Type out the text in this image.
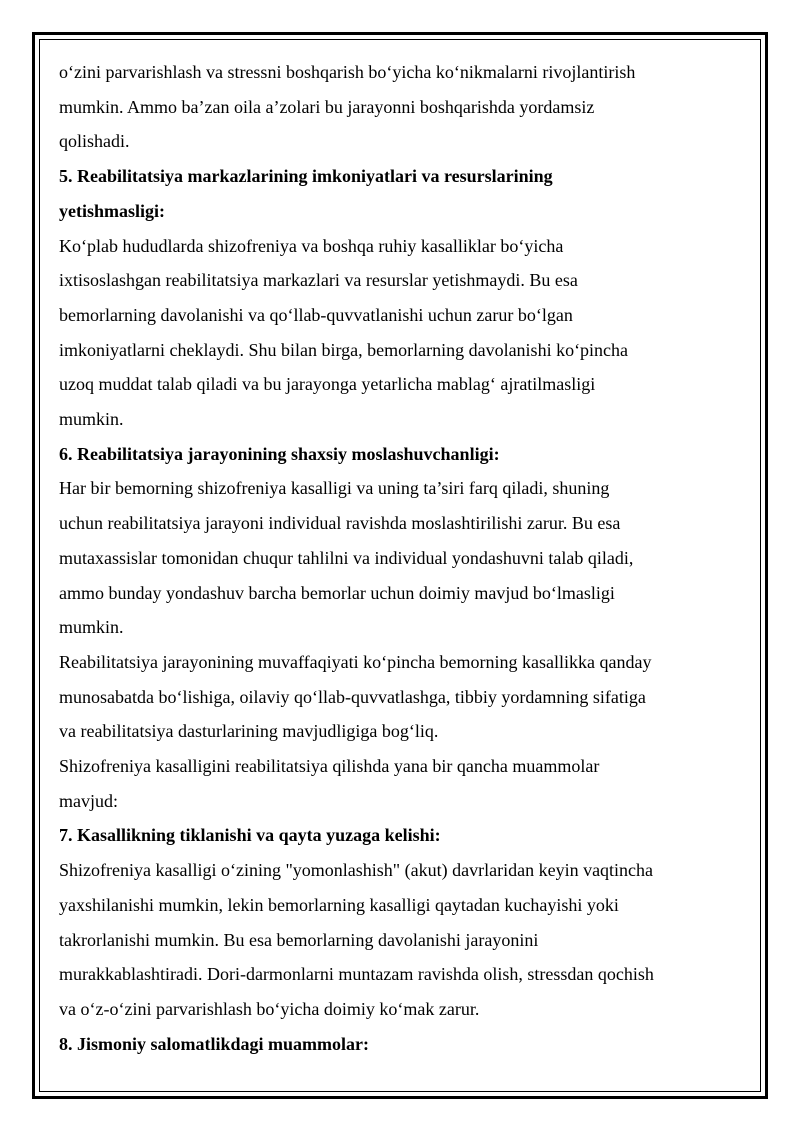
o‘zini parvarishlash va stressni boshqarish bo‘yicha ko‘nikmalarni rivojlantirish
mumkin. Ammo ba’zan oila a’zolari bu jarayonni boshqarishda yordamsiz
qolishadi.
5. Reabilitatsiya markazlarining imkoniyatlari va resurslarining
yetishmasligi:
Ko‘plab hududlarda shizofreniya va boshqa ruhiy kasalliklar bo‘yicha
ixtisoslashgan reabilitatsiya markazlari va resurslar yetishmaydi. Bu esa
bemorlarning davolanishi va qo‘llab-quvvatlanishi uchun zarur bo‘lgan
imkoniyatlarni cheklaydi. Shu bilan birga, bemorlarning davolanishi ko‘pincha
uzoq muddat talab qiladi va bu jarayonga yetarlicha mablag‘ ajratilmasligi
mumkin.
6. Reabilitatsiya jarayonining shaxsiy moslashuvchanligi:
Har bir bemorning shizofreniya kasalligi va uning ta’siri farq qiladi, shuning
uchun reabilitatsiya jarayoni individual ravishda moslashtirilishi zarur. Bu esa
mutaxassislar tomonidan chuqur tahlilni va individual yondashuvni talab qiladi,
ammo bunday yondashuv barcha bemorlar uchun doimiy mavjud bo‘lmasligi
mumkin.
Reabilitatsiya jarayonining muvaffaqiyati ko‘pincha bemorning kasallikka qanday
munosabatda bo‘lishiga, oilaviy qo‘llab-quvvatlashga, tibbiy yordamning sifatiga
va reabilitatsiya dasturlarining mavjudligiga bog‘liq.
Shizofreniya kasalligini reabilitatsiya qilishda yana bir qancha muammolar
mavjud:
7. Kasallikning tiklanishi va qayta yuzaga kelishi:
Shizofreniya kasalligi o‘zining "yomonlashish" (akut) davrlaridan keyin vaqtincha
yaxshilanishi mumkin, lekin bemorlarning kasalligi qaytadan kuchayishi yoki
takrorlanishi mumkin. Bu esa bemorlarning davolanishi jarayonini
murakkablashtiradi. Dori-darmonlarni muntazam ravishda olish, stressdan qochish
va o‘z-o‘zini parvarishlash bo‘yicha doimiy ko‘mak zarur.
8. Jismoniy salomatlikdagi muammolar:
